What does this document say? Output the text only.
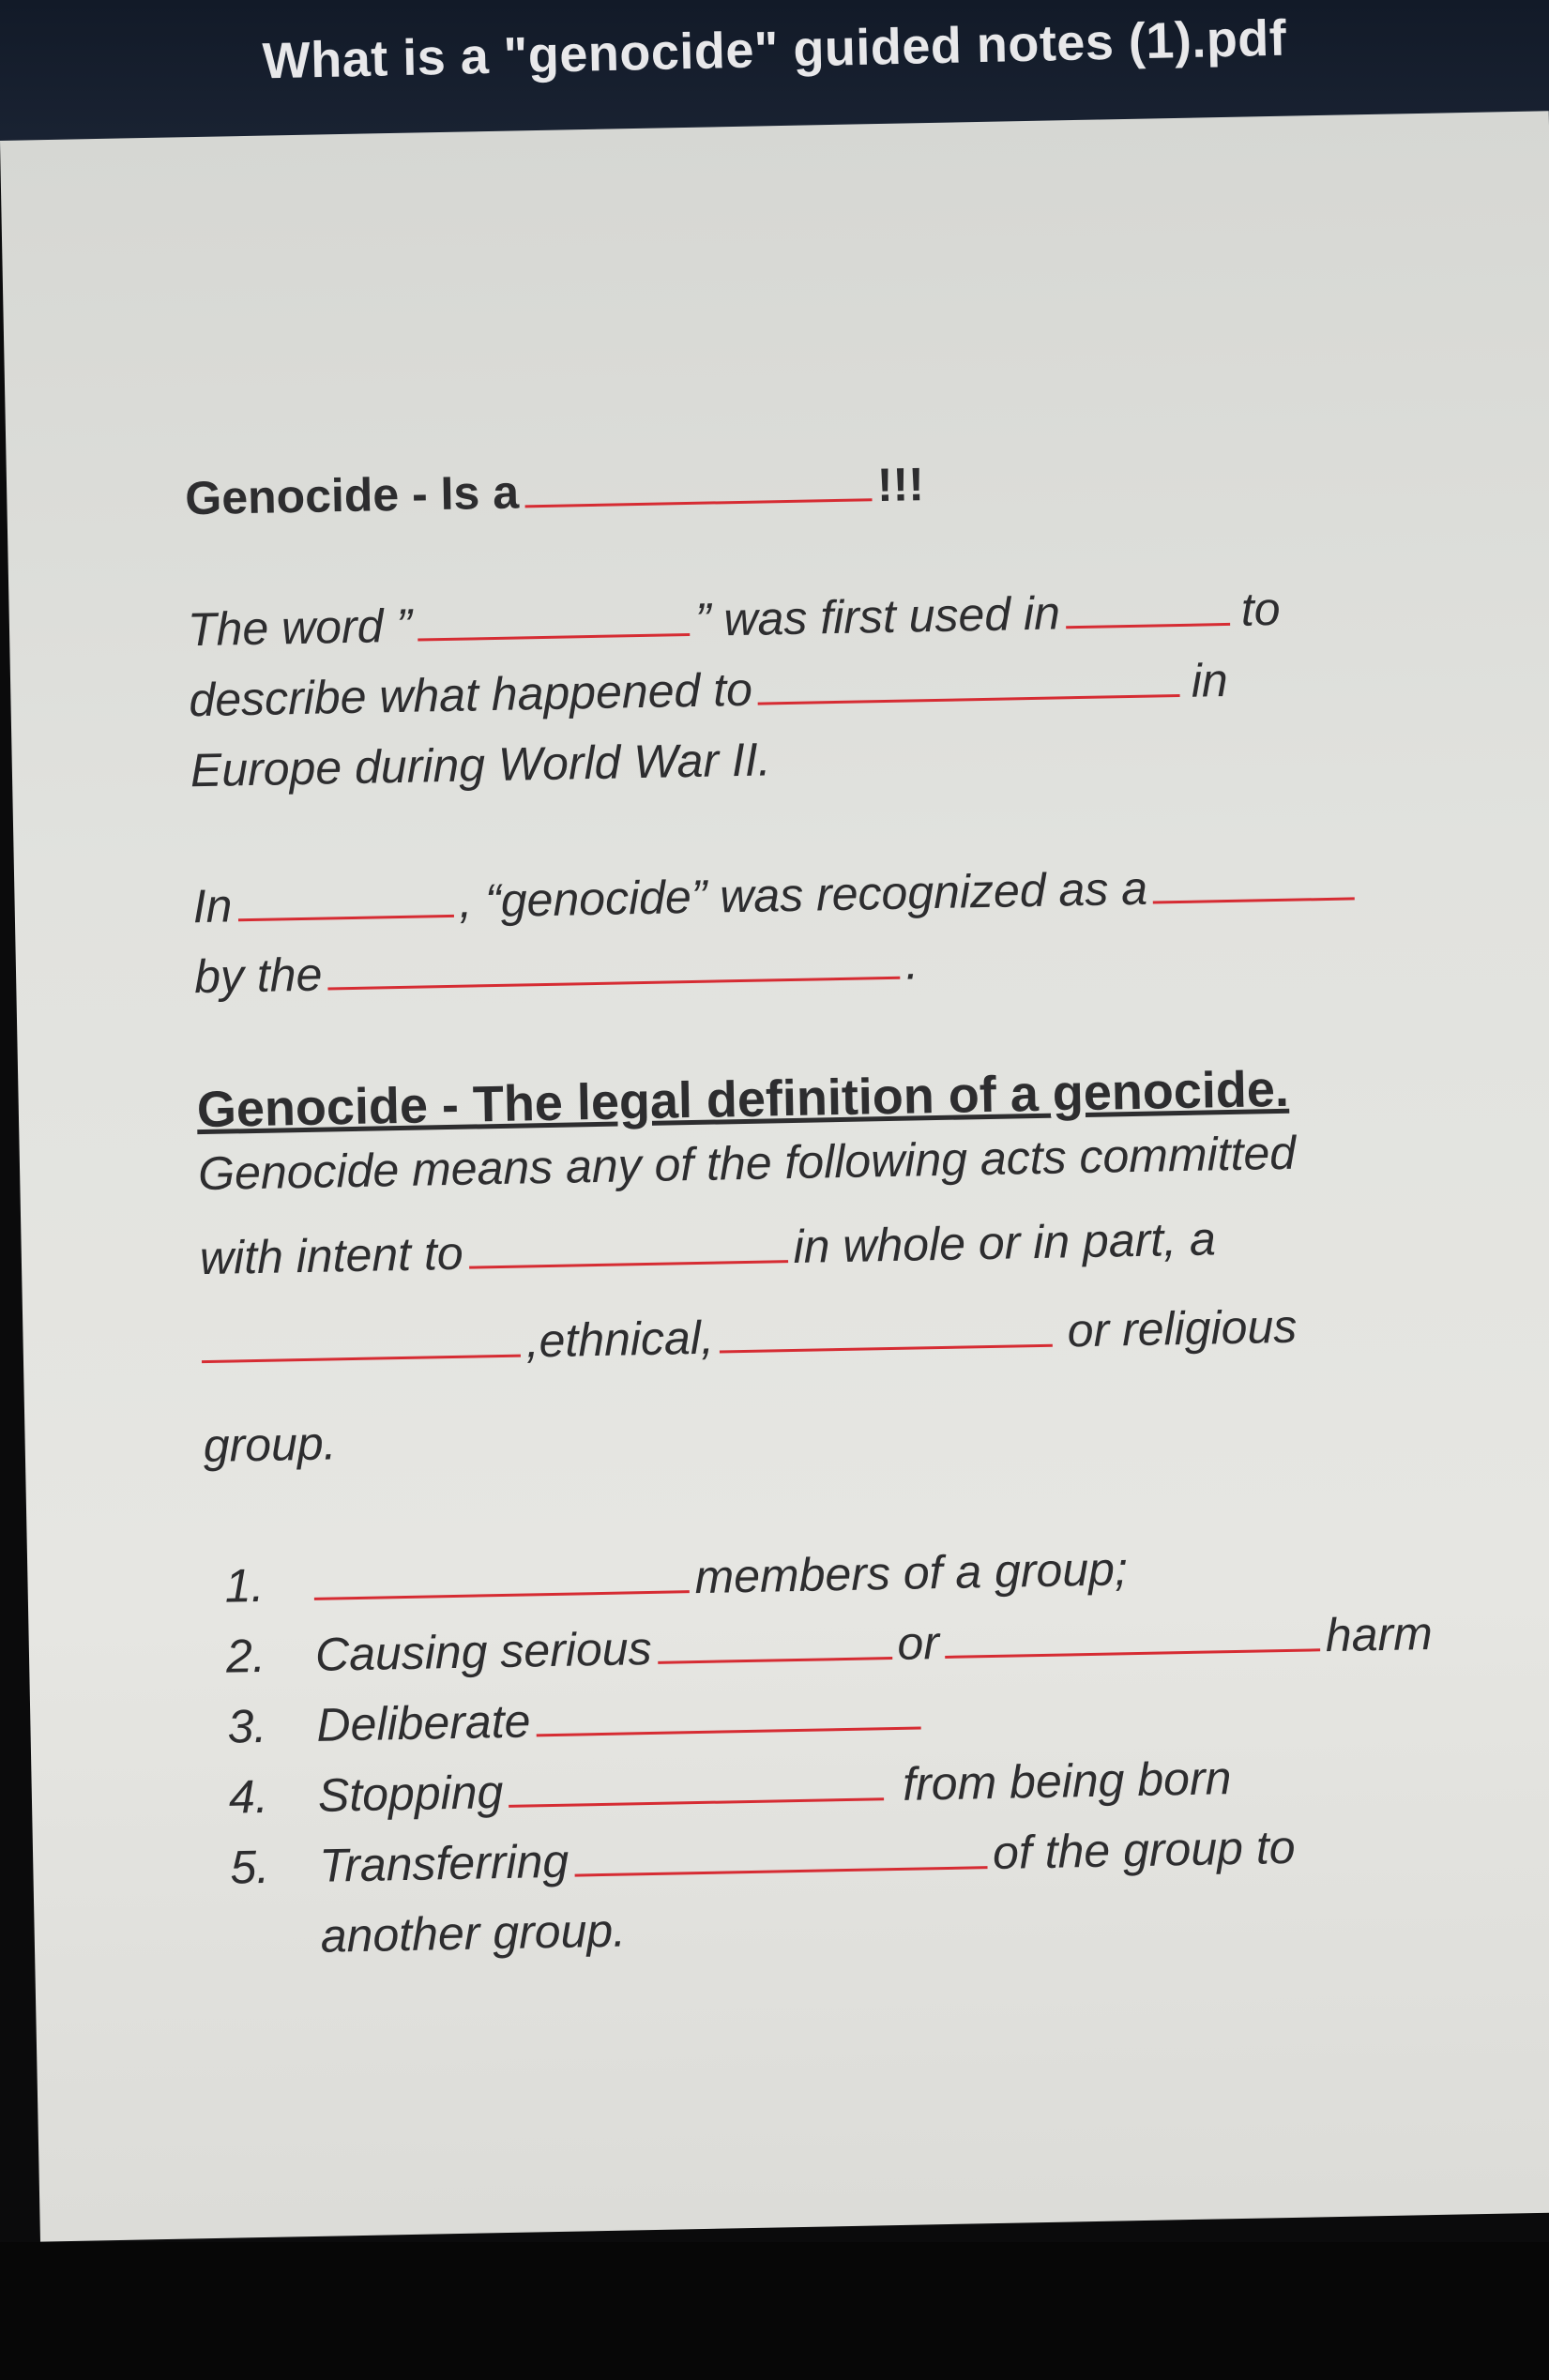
What is a "genocide" guided notes (1).pdf
Genocide - Is a	!!!
The word ”	” was first used in	to
describe what happened to	in
Europe during World War II.
In	, “genocide” was recognized as a
by the	.
Genocide - The legal definition of a genocide.
Genocide means any of the following acts committed
with intent to	in whole or in part, a
,ethnical,	or religious
group.
1.	members of a group;
2. Causing serious	or	harm
3. Deliberate
4. Stopping	from being born
5. Transferring	of the group to
another group.
